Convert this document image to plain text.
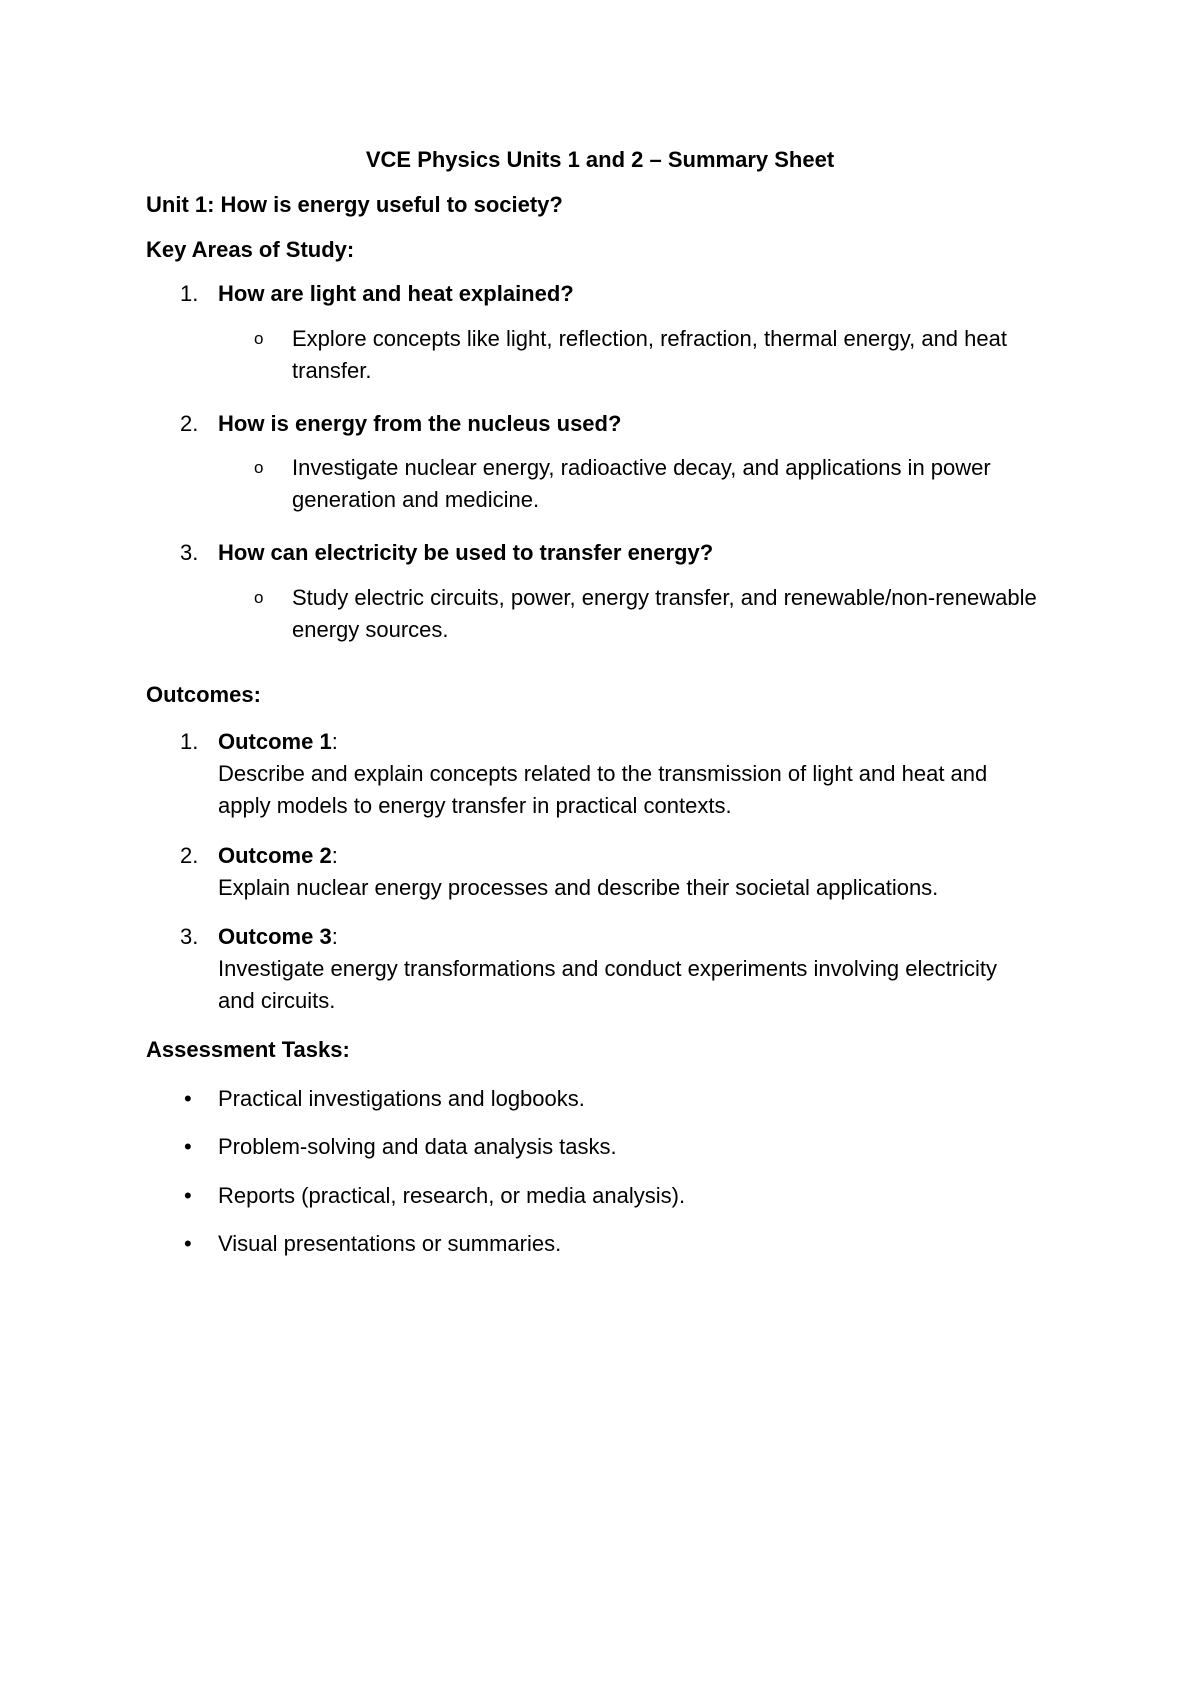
VCE Physics Units 1 and 2 – Summary Sheet
Unit 1: How is energy useful to society?
Key Areas of Study:
1. How are light and heat explained?
o Explore concepts like light, reflection, refraction, thermal energy, and heat transfer.
2. How is energy from the nucleus used?
o Investigate nuclear energy, radioactive decay, and applications in power generation and medicine.
3. How can electricity be used to transfer energy?
o Study electric circuits, power, energy transfer, and renewable/non-renewable energy sources.
Outcomes:
1. Outcome 1:
Describe and explain concepts related to the transmission of light and heat and apply models to energy transfer in practical contexts.
2. Outcome 2:
Explain nuclear energy processes and describe their societal applications.
3. Outcome 3:
Investigate energy transformations and conduct experiments involving electricity and circuits.
Assessment Tasks:
• Practical investigations and logbooks.
• Problem-solving and data analysis tasks.
• Reports (practical, research, or media analysis).
• Visual presentations or summaries.
